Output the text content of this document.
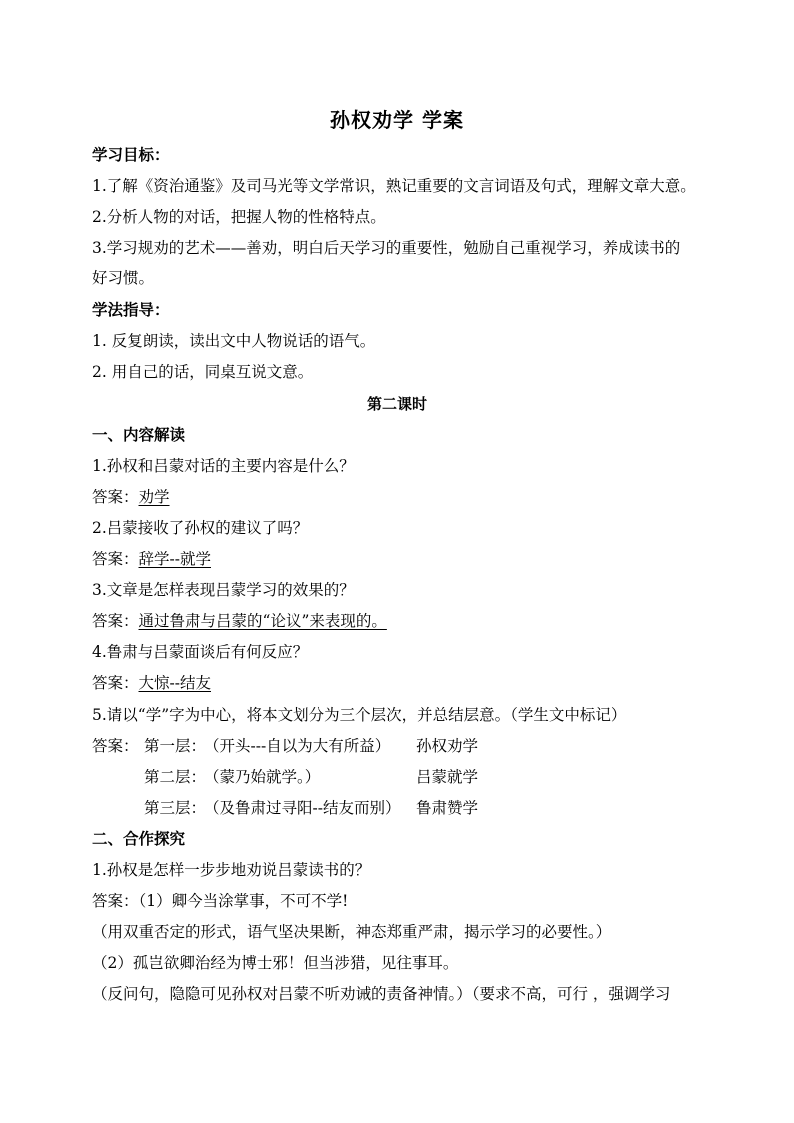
孙权劝学 学案
学习目标：
1.了解《资治通鉴》及司马光等文学常识，熟记重要的文言词语及句式，理解文章大意。
2.分析人物的对话，把握人物的性格特点。
3.学习规劝的艺术——善劝，明白后天学习的重要性，勉励自己重视学习，养成读书的
好习惯。
学法指导：
1. 反复朗读，读出文中人物说话的语气。
2. 用自己的话，同桌互说文意。
第二课时
一、内容解读
1.孙权和吕蒙对话的主要内容是什么？
答案：劝学
2.吕蒙接收了孙权的建议了吗？
答案：辞学--就学
3.文章是怎样表现吕蒙学习的效果的？
答案：通过鲁肃与吕蒙的“论议”来表现的。
4.鲁肃与吕蒙面谈后有何反应？
答案：大惊--结友
5.请以“学”字为中心，将本文划分为三个层次，并总结层意。（学生文中标记）
答案： 第一层：
（开头---自以为大有所益） 孙权劝学
第二层：
（蒙乃始就学。）	吕蒙就学
第三层：
（及鲁肃过寻阳--结友而别） 鲁肃赞学
二、合作探究
1.孙权是怎样一步步地劝说吕蒙读书的？
答案：（1）卿今当涂掌事，不可不学!
（用双重否定的形式，语气坚决果断，神态郑重严肃，揭示学习的必要性。）
（2）孤岂欲卿治经为博士邪！但当涉猎，见往事耳。
（反问句，隐隐可见孙权对吕蒙不听劝诫的责备神情。）（要求不高，可行 ，强调学习
